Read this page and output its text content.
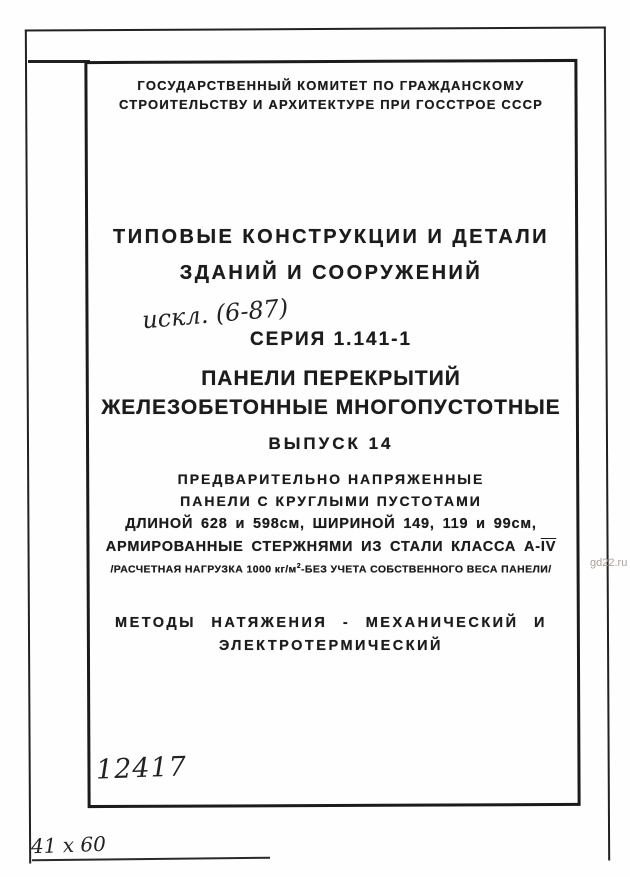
ГОСУДАРСТВЕННЫЙ КОМИТЕТ ПО ГРАЖДАНСКОМУ
СТРОИТЕЛЬСТВУ И АРХИТЕКТУРЕ ПРИ ГОССТРОЕ СССР
ТИПОВЫЕ КОНСТРУКЦИИ И ДЕТАЛИ
ЗДАНИЙ И СООРУЖЕНИЙ
искл. (6-87)
СЕРИЯ 1.141-1
ПАНЕЛИ ПЕРЕКРЫТИЙ
ЖЕЛЕЗОБЕТОННЫЕ МНОГОПУСТОТНЫЕ
ВЫПУСК 14
ПРЕДВАРИТЕЛЬНО НАПРЯЖЕННЫЕ
ПАНЕЛИ С КРУГЛЫМИ ПУСТОТАМИ
ДЛИНОЙ 628 и 598см, ШИРИНОЙ 149, 119 и 99см,
АРМИРОВАННЫЕ СТЕРЖНЯМИ ИЗ СТАЛИ КЛАССА $А-\overline{IV}$
/РАСЧЕТНАЯ НАГРУЗКА 1000 $кг/м^2$-БЕЗ УЧЕТА СОБСТВЕННОГО ВЕСА ПАНЕЛИ/
МЕТОДЫ НАТЯЖЕНИЯ - МЕХАНИЧЕСКИЙ И
ЭЛЕКТРОТЕРМИЧЕСКИЙ
12417
41 х 60
gd22.ru
